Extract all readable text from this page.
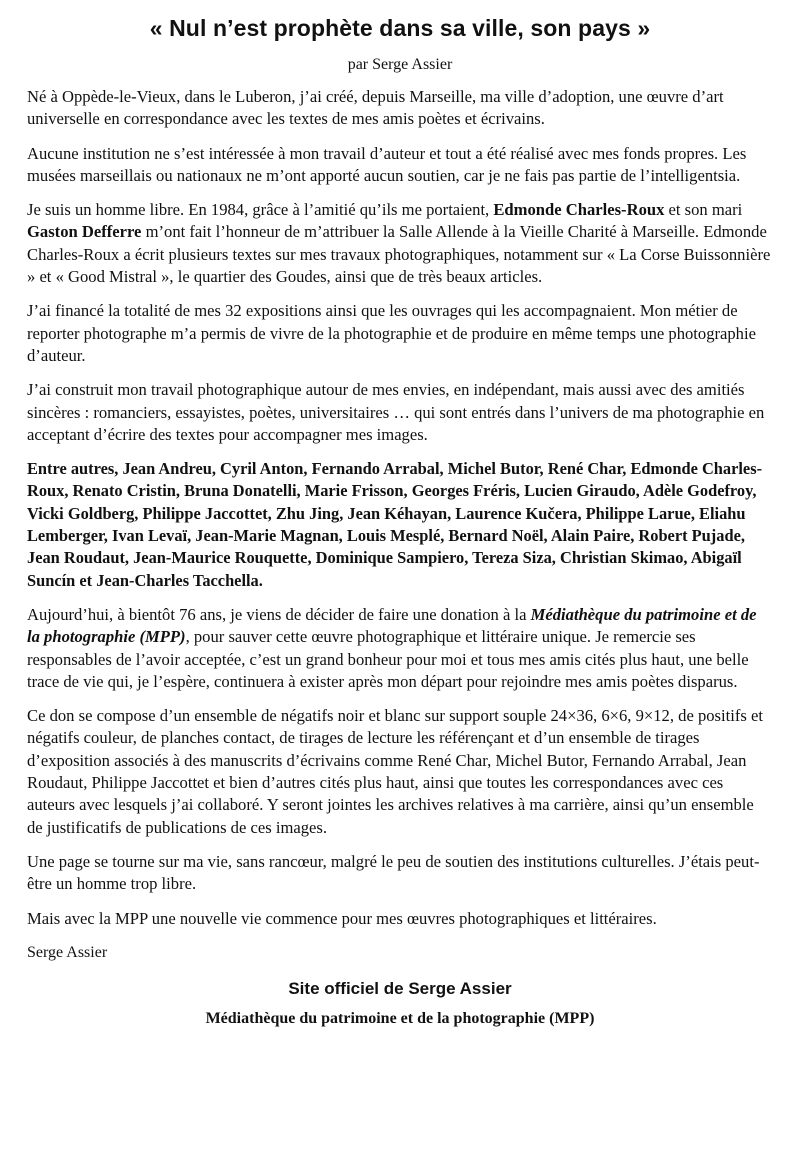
« Nul n’est prophète dans sa ville, son pays »
par Serge Assier

Né à Oppède-le-Vieux, dans le Luberon, j’ai créé, depuis Marseille, ma ville d’adoption, une œuvre d’art universelle en correspondance avec les textes de mes amis poètes et écrivains.

Aucune institution ne s’est intéressée à mon travail d’auteur et tout a été réalisé avec mes fonds propres. Les musées marseillais ou nationaux ne m’ont apporté aucun soutien, car je ne fais pas partie de l’intelligentsia.

Je suis un homme libre. En 1984, grâce à l’amitié qu’ils me portaient, Edmonde Charles-Roux et son mari Gaston Defferre m’ont fait l’honneur de m’attribuer la Salle Allende à la Vieille Charité à Marseille. Edmonde Charles-Roux a écrit plusieurs textes sur mes travaux photographiques, notamment sur « La Corse Buissonnière » et « Good Mistral », le quartier des Goudes, ainsi que de très beaux articles.

J’ai financé la totalité de mes 32 expositions ainsi que les ouvrages qui les accompagnaient. Mon métier de reporter photographe m’a permis de vivre de la photographie et de produire en même temps une photographie d’auteur.

J’ai construit mon travail photographique autour de mes envies, en indépendant, mais aussi avec des amitiés sincères : romanciers, essayistes, poètes, universitaires … qui sont entrés dans l’univers de ma photographie en acceptant d’écrire des textes pour accompagner mes images.

Entre autres, Jean Andreu, Cyril Anton, Fernando Arrabal, Michel Butor, René Char, Edmonde Charles-Roux, Renato Cristin, Bruna Donatelli, Marie Frisson, Georges Fréris, Lucien Giraudo, Adèle Godefroy, Vicki Goldberg, Philippe Jaccottet, Zhu Jing, Jean Kéhayan, Laurence Kučera, Philippe Larue, Eliahu Lemberger, Ivan Levaï, Jean-Marie Magnan, Louis Mesplé, Bernard Noël, Alain Paire, Robert Pujade, Jean Roudaut, Jean-Maurice Rouquette, Dominique Sampiero, Tereza Siza, Christian Skimao, Abigaïl Suncín et Jean-Charles Tacchella.

Aujourd’hui, à bientôt 76 ans, je viens de décider de faire une donation à la Médiathèque du patrimoine et de la photographie (MPP), pour sauver cette œuvre photographique et littéraire unique. Je remercie ses responsables de l’avoir acceptée, c’est un grand bonheur pour moi et tous mes amis cités plus haut, une belle trace de vie qui, je l’espère, continuera à exister après mon départ pour rejoindre mes amis poètes disparus.

Ce don se compose d’un ensemble de négatifs noir et blanc sur support souple 24×36, 6×6, 9×12, de positifs et négatifs couleur, de planches contact, de tirages de lecture les référençant et d’un ensemble de tirages d’exposition associés à des manuscrits d’écrivains comme René Char, Michel Butor, Fernando Arrabal, Jean Roudaut, Philippe Jaccottet et bien d’autres cités plus haut, ainsi que toutes les correspondances avec ces auteurs avec lesquels j’ai collaboré. Y seront jointes les archives relatives à ma carrière, ainsi qu’un ensemble de justificatifs de publications de ces images.

Une page se tourne sur ma vie, sans rancœur, malgré le peu de soutien des institutions culturelles. J’étais peut-être un homme trop libre.

Mais avec la MPP une nouvelle vie commence pour mes œuvres photographiques et littéraires.

Serge Assier
Site officiel de Serge Assier
Médiathèque du patrimoine et de la photographie (MPP)
